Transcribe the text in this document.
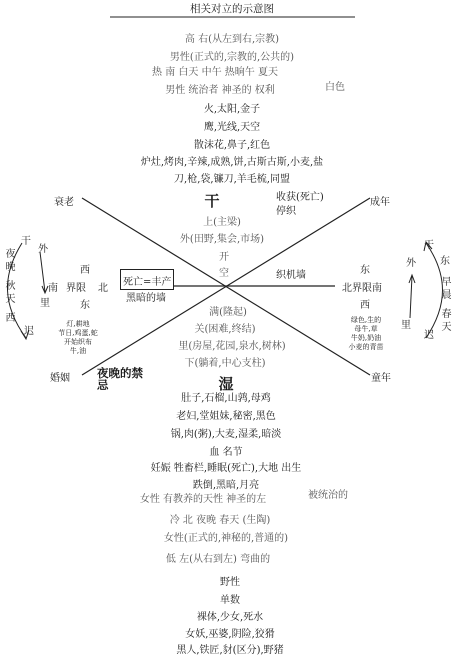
相关对立的示意图
高 右(从左到右,宗教)
男性(正式的,宗教的,公共的)
热 南 白天 中午 热晌午 夏天
白色
男性 统治者 神圣的 权利
火,太阳,金子
鹰,光线,天空
散沫花,鼻子,红色
炉灶,烤肉,辛辣,成熟,饼,古斯古斯,小麦,盐
刀,枪,袋,镰刀,羊毛梳,同盟
干	收获(死亡)
停织
上(主梁)
外(田野,集会,市场)
开
空
衰老	成年
婚姻	童年
死亡=丰产
黑暗的墙
织机墙
满(隆起)
关(困难,终结)
里(房屋,花园,泉水,树林)
下(躺着,中心支柱)
夜晚的禁忌	湿
西
南 界限 北
东
灯,耕地
节日,鸡蛋,蛇
开始织布
牛,油
干
外
夜晚 秋天 西	里
迟
东
北界限南
西
绿色,生的
母牛,草
牛奶,奶油
小麦的青苗
干
外 东
早晨 春天
里
迟
肚子,石榴,山鹑,母鸡
老妇,堂姐妹,秘密,黑色
锅,肉(粥),大麦,湿柔,暗淡
血 名节
妊娠 牲畜栏,睡眠(死亡),大地 出生
跌倒,黑暗,月亮
女性 有教养的天性 神圣的左	被统治的
冷 北 夜晚 春天 (生陶)
女性(正式的,神秘的,普通的)
低 左(从右到左) 弯曲的
野性
单数
裸体,少女,死水
女妖,巫婆,阴险,狡猾
黑人,铁匠,豺(区分),野猪
